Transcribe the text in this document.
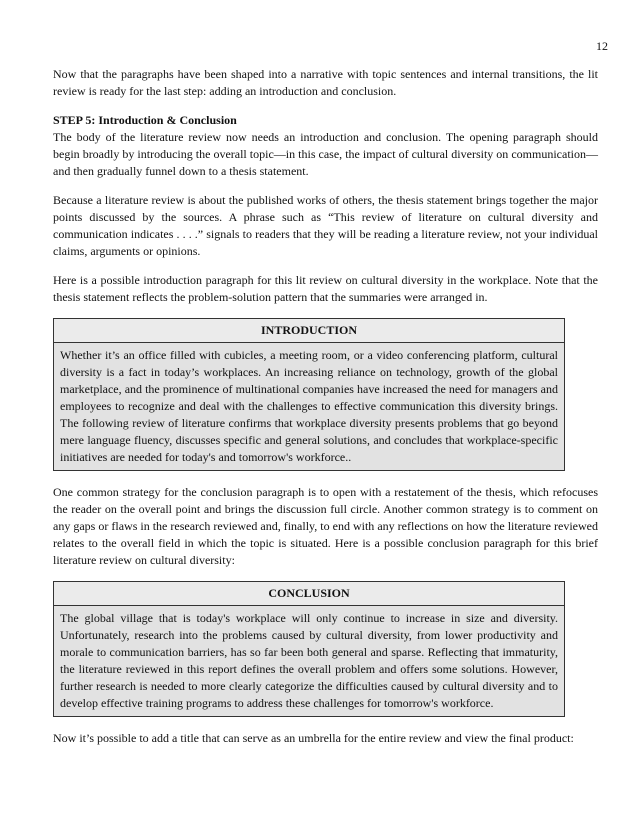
12

Now that the paragraphs have been shaped into a narrative with topic sentences and internal transitions, the lit review is ready for the last step: adding an introduction and conclusion.

STEP 5: Introduction & Conclusion

The body of the literature review now needs an introduction and conclusion. The opening paragraph should begin broadly by introducing the overall topic—in this case, the impact of cultural diversity on communication—and then gradually funnel down to a thesis statement.

Because a literature review is about the published works of others, the thesis statement brings together the major points discussed by the sources. A phrase such as “This review of literature on cultural diversity and communication indicates . . . .” signals to readers that they will be reading a literature review, not your individual claims, arguments or opinions.

Here is a possible introduction paragraph for this lit review on cultural diversity in the workplace. Note that the thesis statement reflects the problem-solution pattern that the summaries were arranged in.

INTRODUCTION

Whether it’s an office filled with cubicles, a meeting room, or a video conferencing platform, cultural diversity is a fact in today’s workplaces. An increasing reliance on technology, growth of the global marketplace, and the prominence of multinational companies have increased the need for managers and employees to recognize and deal with the challenges to effective communication this diversity brings. The following review of literature confirms that workplace diversity presents problems that go beyond mere language fluency, discusses specific and general solutions, and concludes that workplace-specific initiatives are needed for today's and tomorrow's workforce..

One common strategy for the conclusion paragraph is to open with a restatement of the thesis, which refocuses the reader on the overall point and brings the discussion full circle. Another common strategy is to comment on any gaps or flaws in the research reviewed and, finally, to end with any reflections on how the literature reviewed relates to the overall field in which the topic is situated. Here is a possible conclusion paragraph for this brief literature review on cultural diversity:

CONCLUSION

The global village that is today's workplace will only continue to increase in size and diversity. Unfortunately, research into the problems caused by cultural diversity, from lower productivity and morale to communication barriers, has so far been both general and sparse. Reflecting that immaturity, the literature reviewed in this report defines the overall problem and offers some solutions. However, further research is needed to more clearly categorize the difficulties caused by cultural diversity and to develop effective training programs to address these challenges for tomorrow's workforce.

Now it’s possible to add a title that can serve as an umbrella for the entire review and view the final product:
